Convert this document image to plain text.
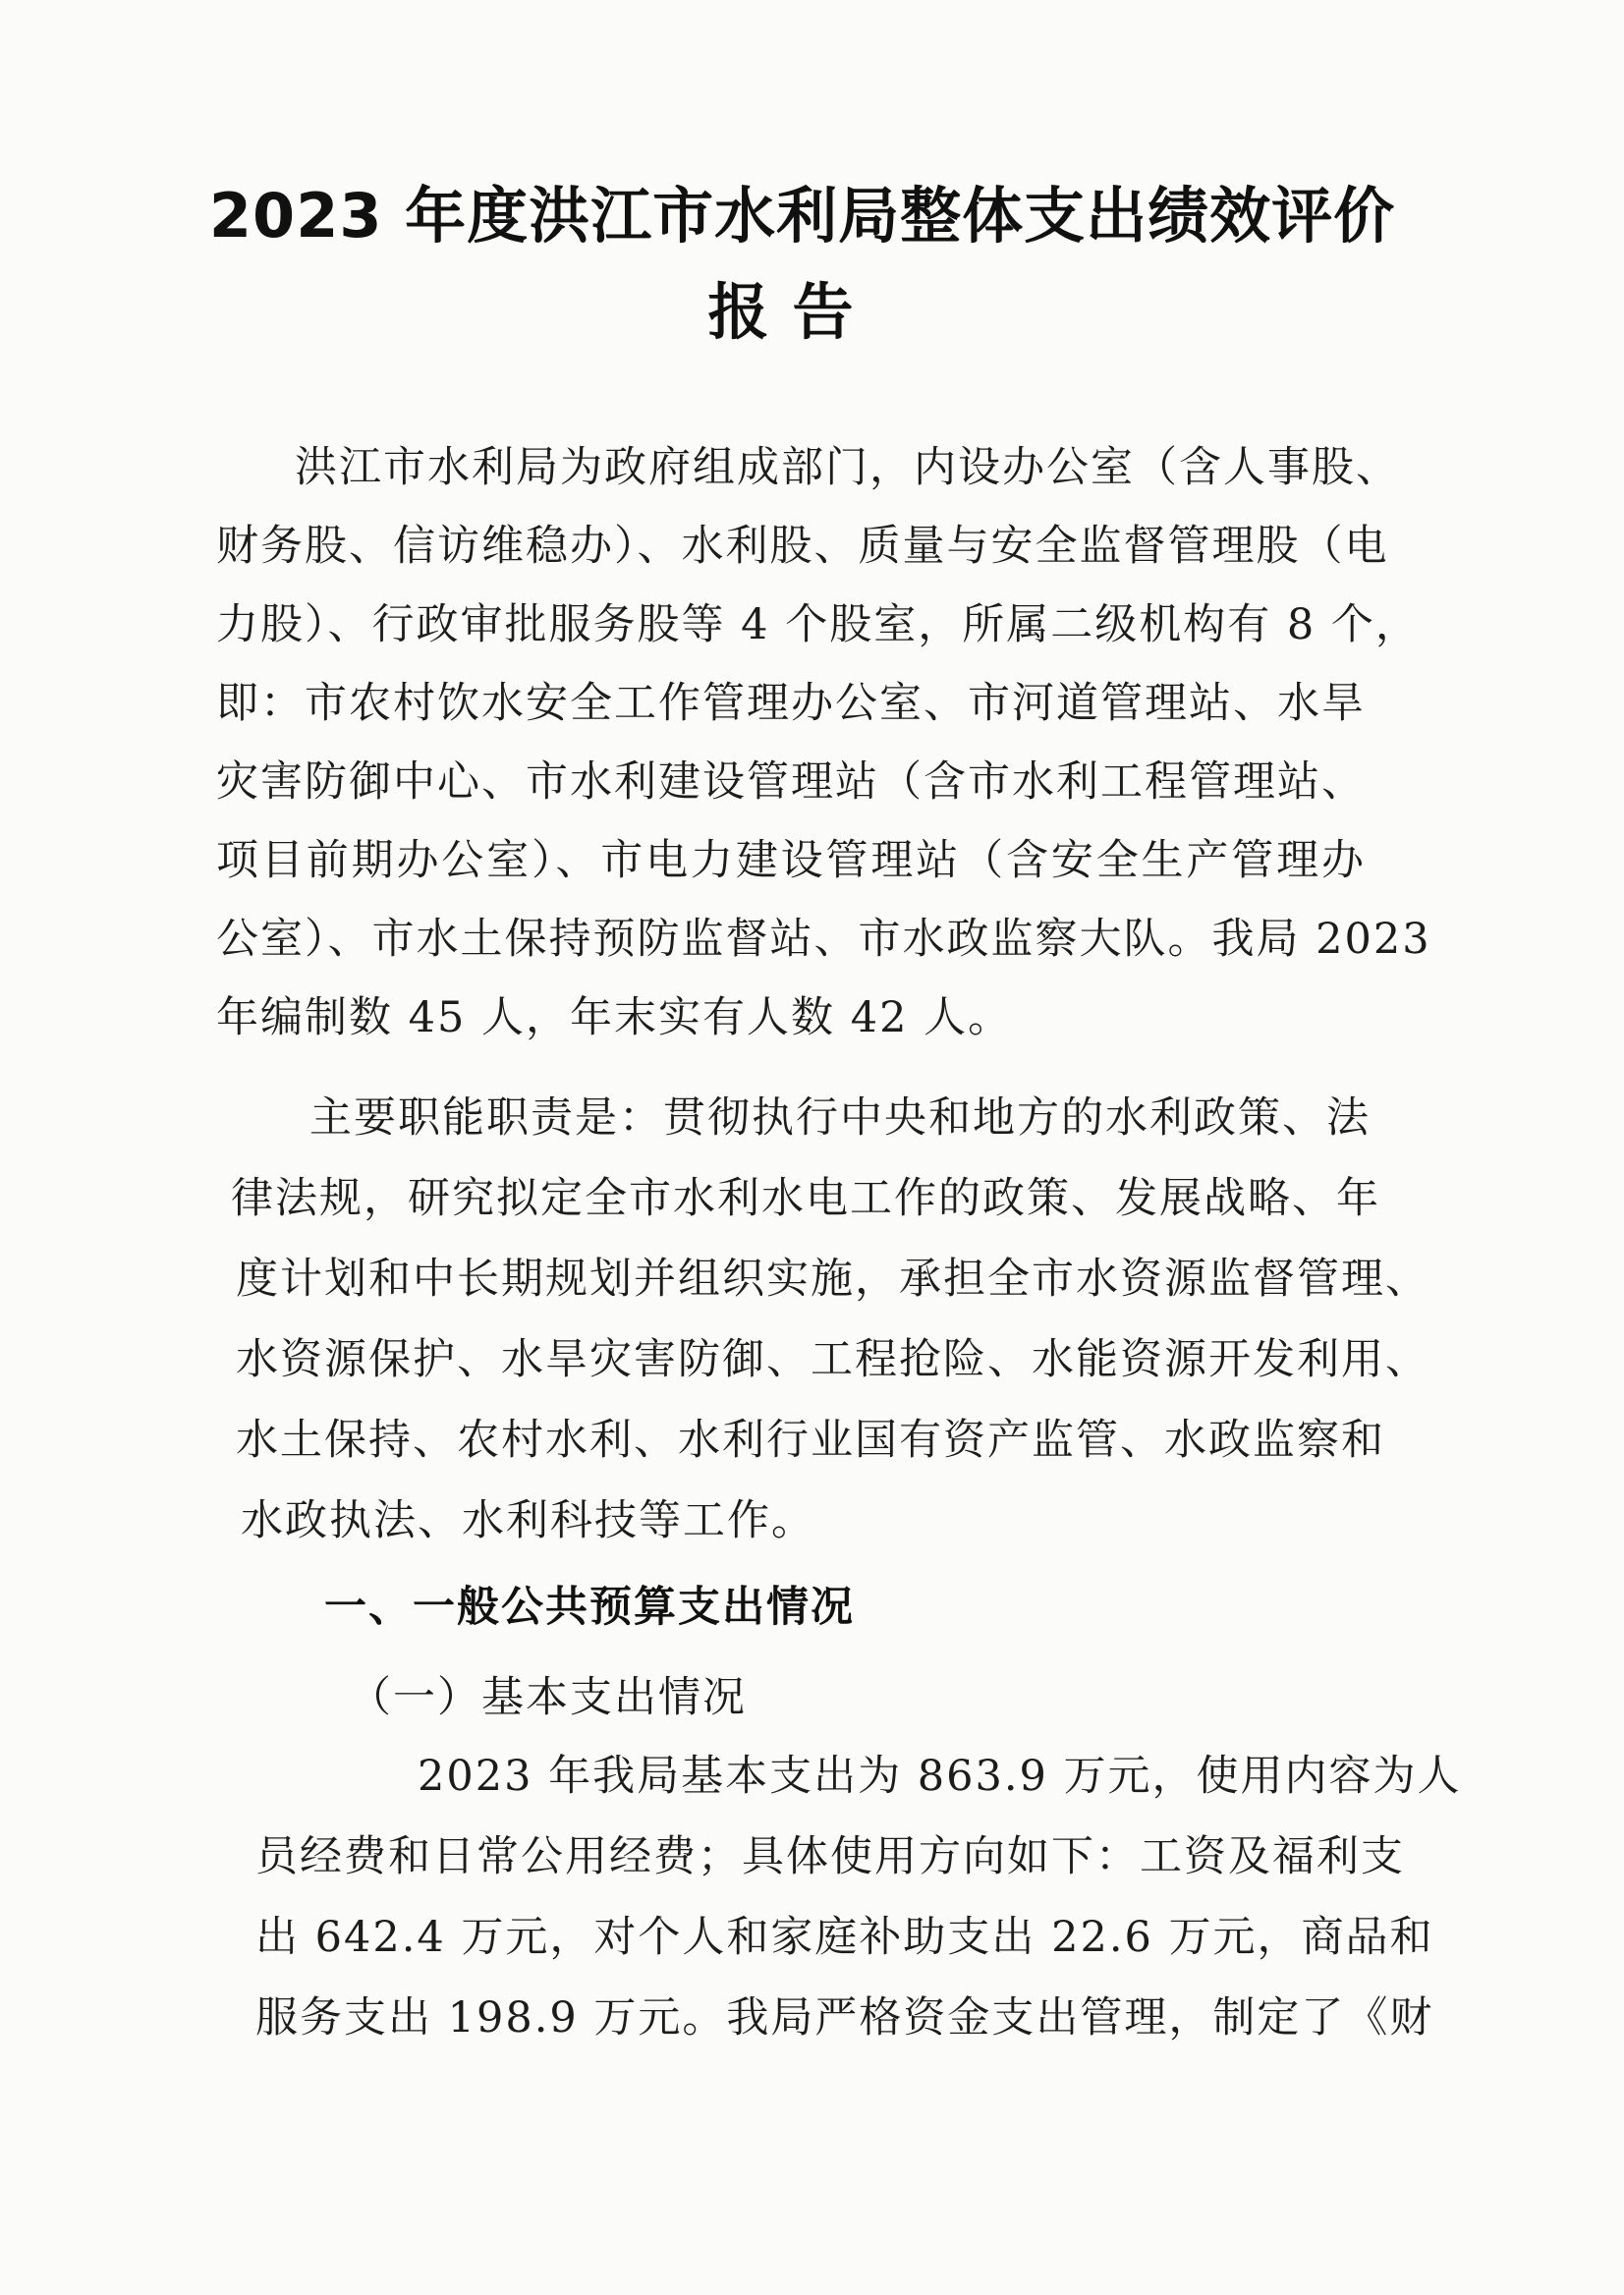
2023 年度洪江市水利局整体支出绩效评价
报告
洪江市水利局为政府组成部门，内设办公室（含人事股、
财务股、信访维稳办）、水利股、质量与安全监督管理股（电
力股）、行政审批服务股等 4 个股室，所属二级机构有 8 个，
即：市农村饮水安全工作管理办公室、市河道管理站、水旱
灾害防御中心、市水利建设管理站（含市水利工程管理站、
项目前期办公室）、市电力建设管理站（含安全生产管理办
公室）、市水土保持预防监督站、市水政监察大队。我局 2023
年编制数 45 人，年末实有人数 42 人。
主要职能职责是：贯彻执行中央和地方的水利政策、法
律法规，研究拟定全市水利水电工作的政策、发展战略、年
度计划和中长期规划并组织实施，承担全市水资源监督管理、
水资源保护、水旱灾害防御、工程抢险、水能资源开发利用、
水土保持、农村水利、水利行业国有资产监管、水政监察和
水政执法、水利科技等工作。
一、一般公共预算支出情况
（一）基本支出情况
2023 年我局基本支出为 863.9 万元，使用内容为人
员经费和日常公用经费；具体使用方向如下：工资及福利支
出 642.4 万元，对个人和家庭补助支出 22.6 万元，商品和
服务支出 198.9 万元。我局严格资金支出管理，制定了《财
